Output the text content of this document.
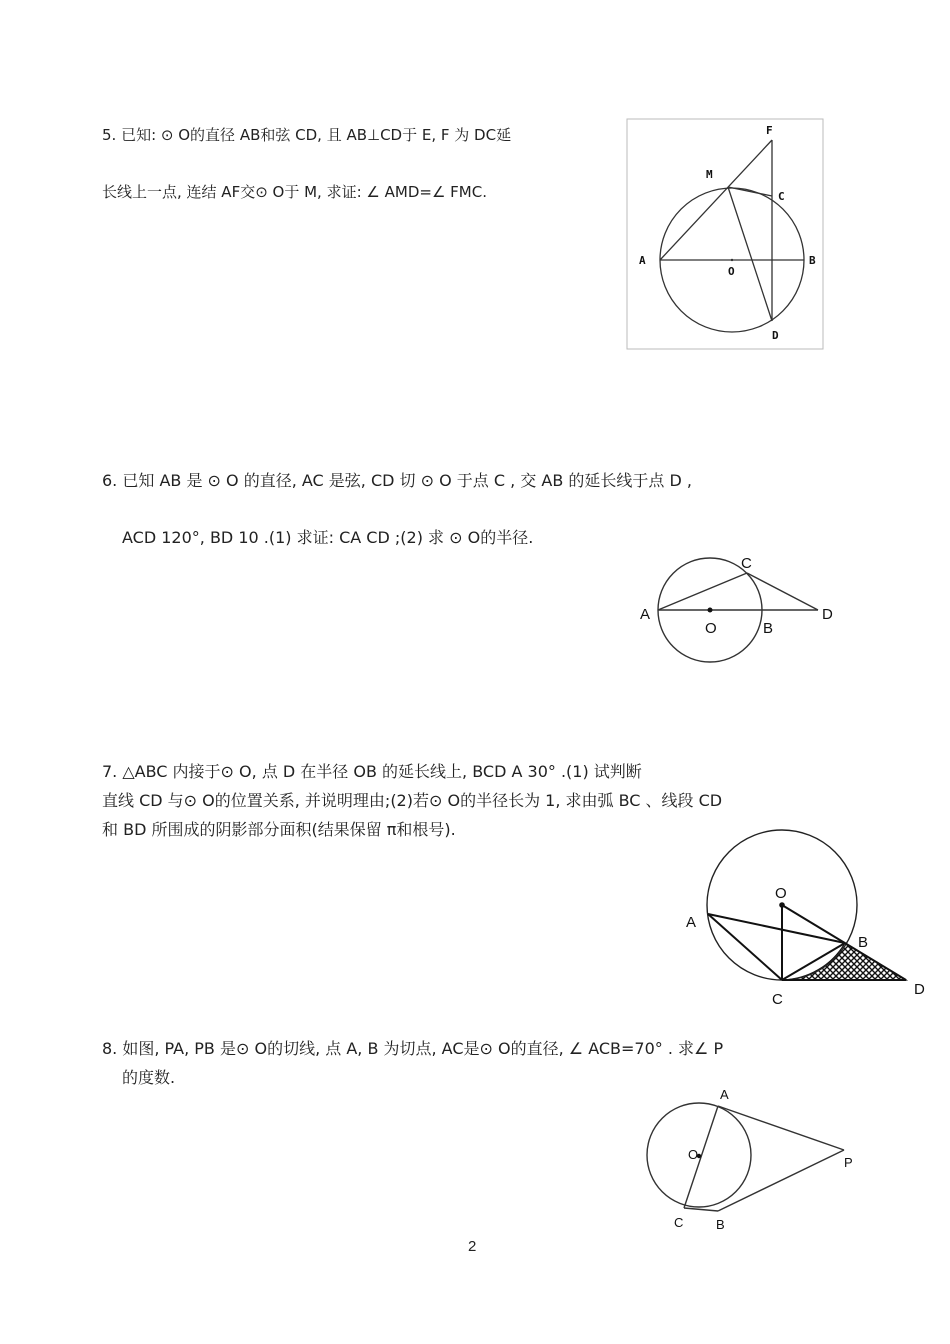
5. 已知: ⊙ O的直径 AB和弦 CD, 且 AB⊥CD于 E, F 为 DC延
长线上一点, 连结 AF交⊙ O于 M, 求证: ∠ AMD=∠ FMC.
F
M
C
A
O
B
D
6. 已知 AB 是 ⊙ O 的直径, AC 是弦, CD 切 ⊙ O 于点 C , 交 AB 的延长线于点 D ,
ACD 120°, BD 10 .(1) 求证: CA CD ;(2) 求 ⊙ O的半径.
C
A
O	B
D
7. △ABC 内接于⊙ O, 点 D 在半径 OB 的延长线上, BCD A 30° .(1) 试判断
直线 CD 与⊙ O的位置关系, 并说明理由;(2)若⊙ O的半径长为 1, 求由弧 BC 、线段 CD
和 BD 所围成的阴影部分面积(结果保留 π和根号).
O
A
B
C
D
8. 如图, PA, PB 是⊙ O的切线, 点 A, B 为切点, AC是⊙ O的直径, ∠ ACB=70° . 求∠ P
的度数.
A
O
P
C	B
2
